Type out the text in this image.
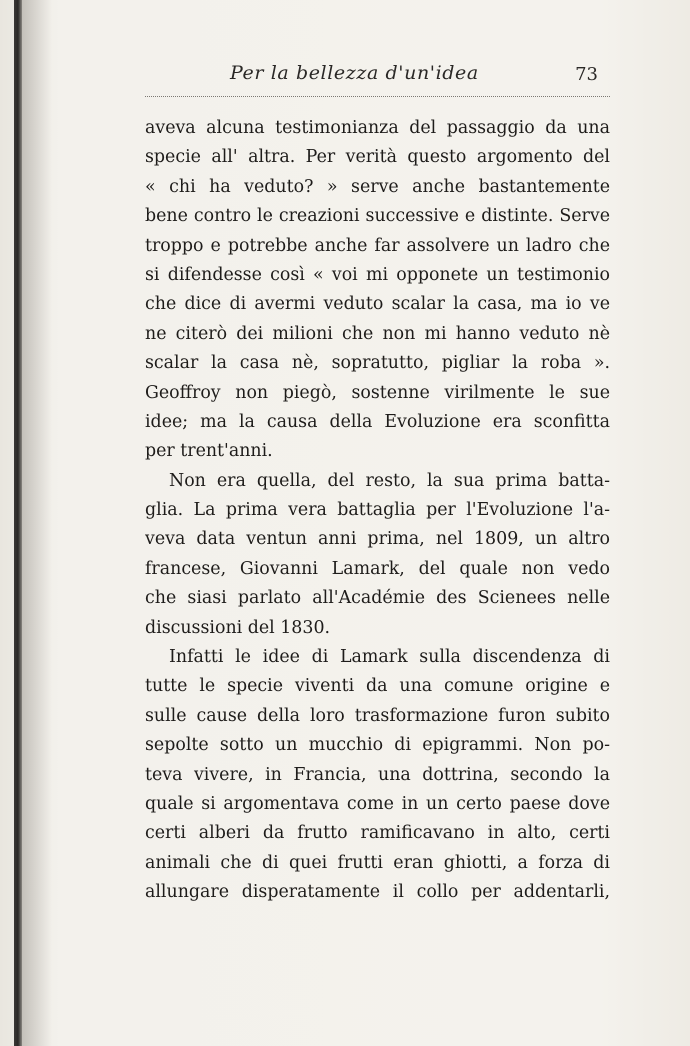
Per la bellezza d'un'idea	73
aveva alcuna testimonianza del passaggio da una
specie all' altra. Per verità questo argomento del
« chi ha veduto? » serve anche bastantemente
bene contro le creazioni successive e distinte. Serve
troppo e potrebbe anche far assolvere un ladro che
si difendesse così « voi mi opponete un testimonio
che dice di avermi veduto scalar la casa, ma io ve
ne citerò dei milioni che non mi hanno veduto nè
scalar la casa nè, sopratutto, pigliar la roba ».
Geoffroy non piegò, sostenne virilmente le sue
idee; ma la causa della Evoluzione era sconfitta
per trent'anni.
Non era quella, del resto, la sua prima batta-
glia. La prima vera battaglia per l'Evoluzione l'a-
veva data ventun anni prima, nel 1809, un altro
francese, Giovanni Lamark, del quale non vedo
che siasi parlato all'Académie des Scienees nelle
discussioni del 1830.
Infatti le idee di Lamark sulla discendenza di
tutte le specie viventi da una comune origine e
sulle cause della loro trasformazione furon subito
sepolte sotto un mucchio di epigrammi. Non po-
teva vivere, in Francia, una dottrina, secondo la
quale si argomentava come in un certo paese dove
certi alberi da frutto ramificavano in alto, certi
animali che di quei frutti eran ghiotti, a forza di
allungare disperatamente il collo per addentarli,
